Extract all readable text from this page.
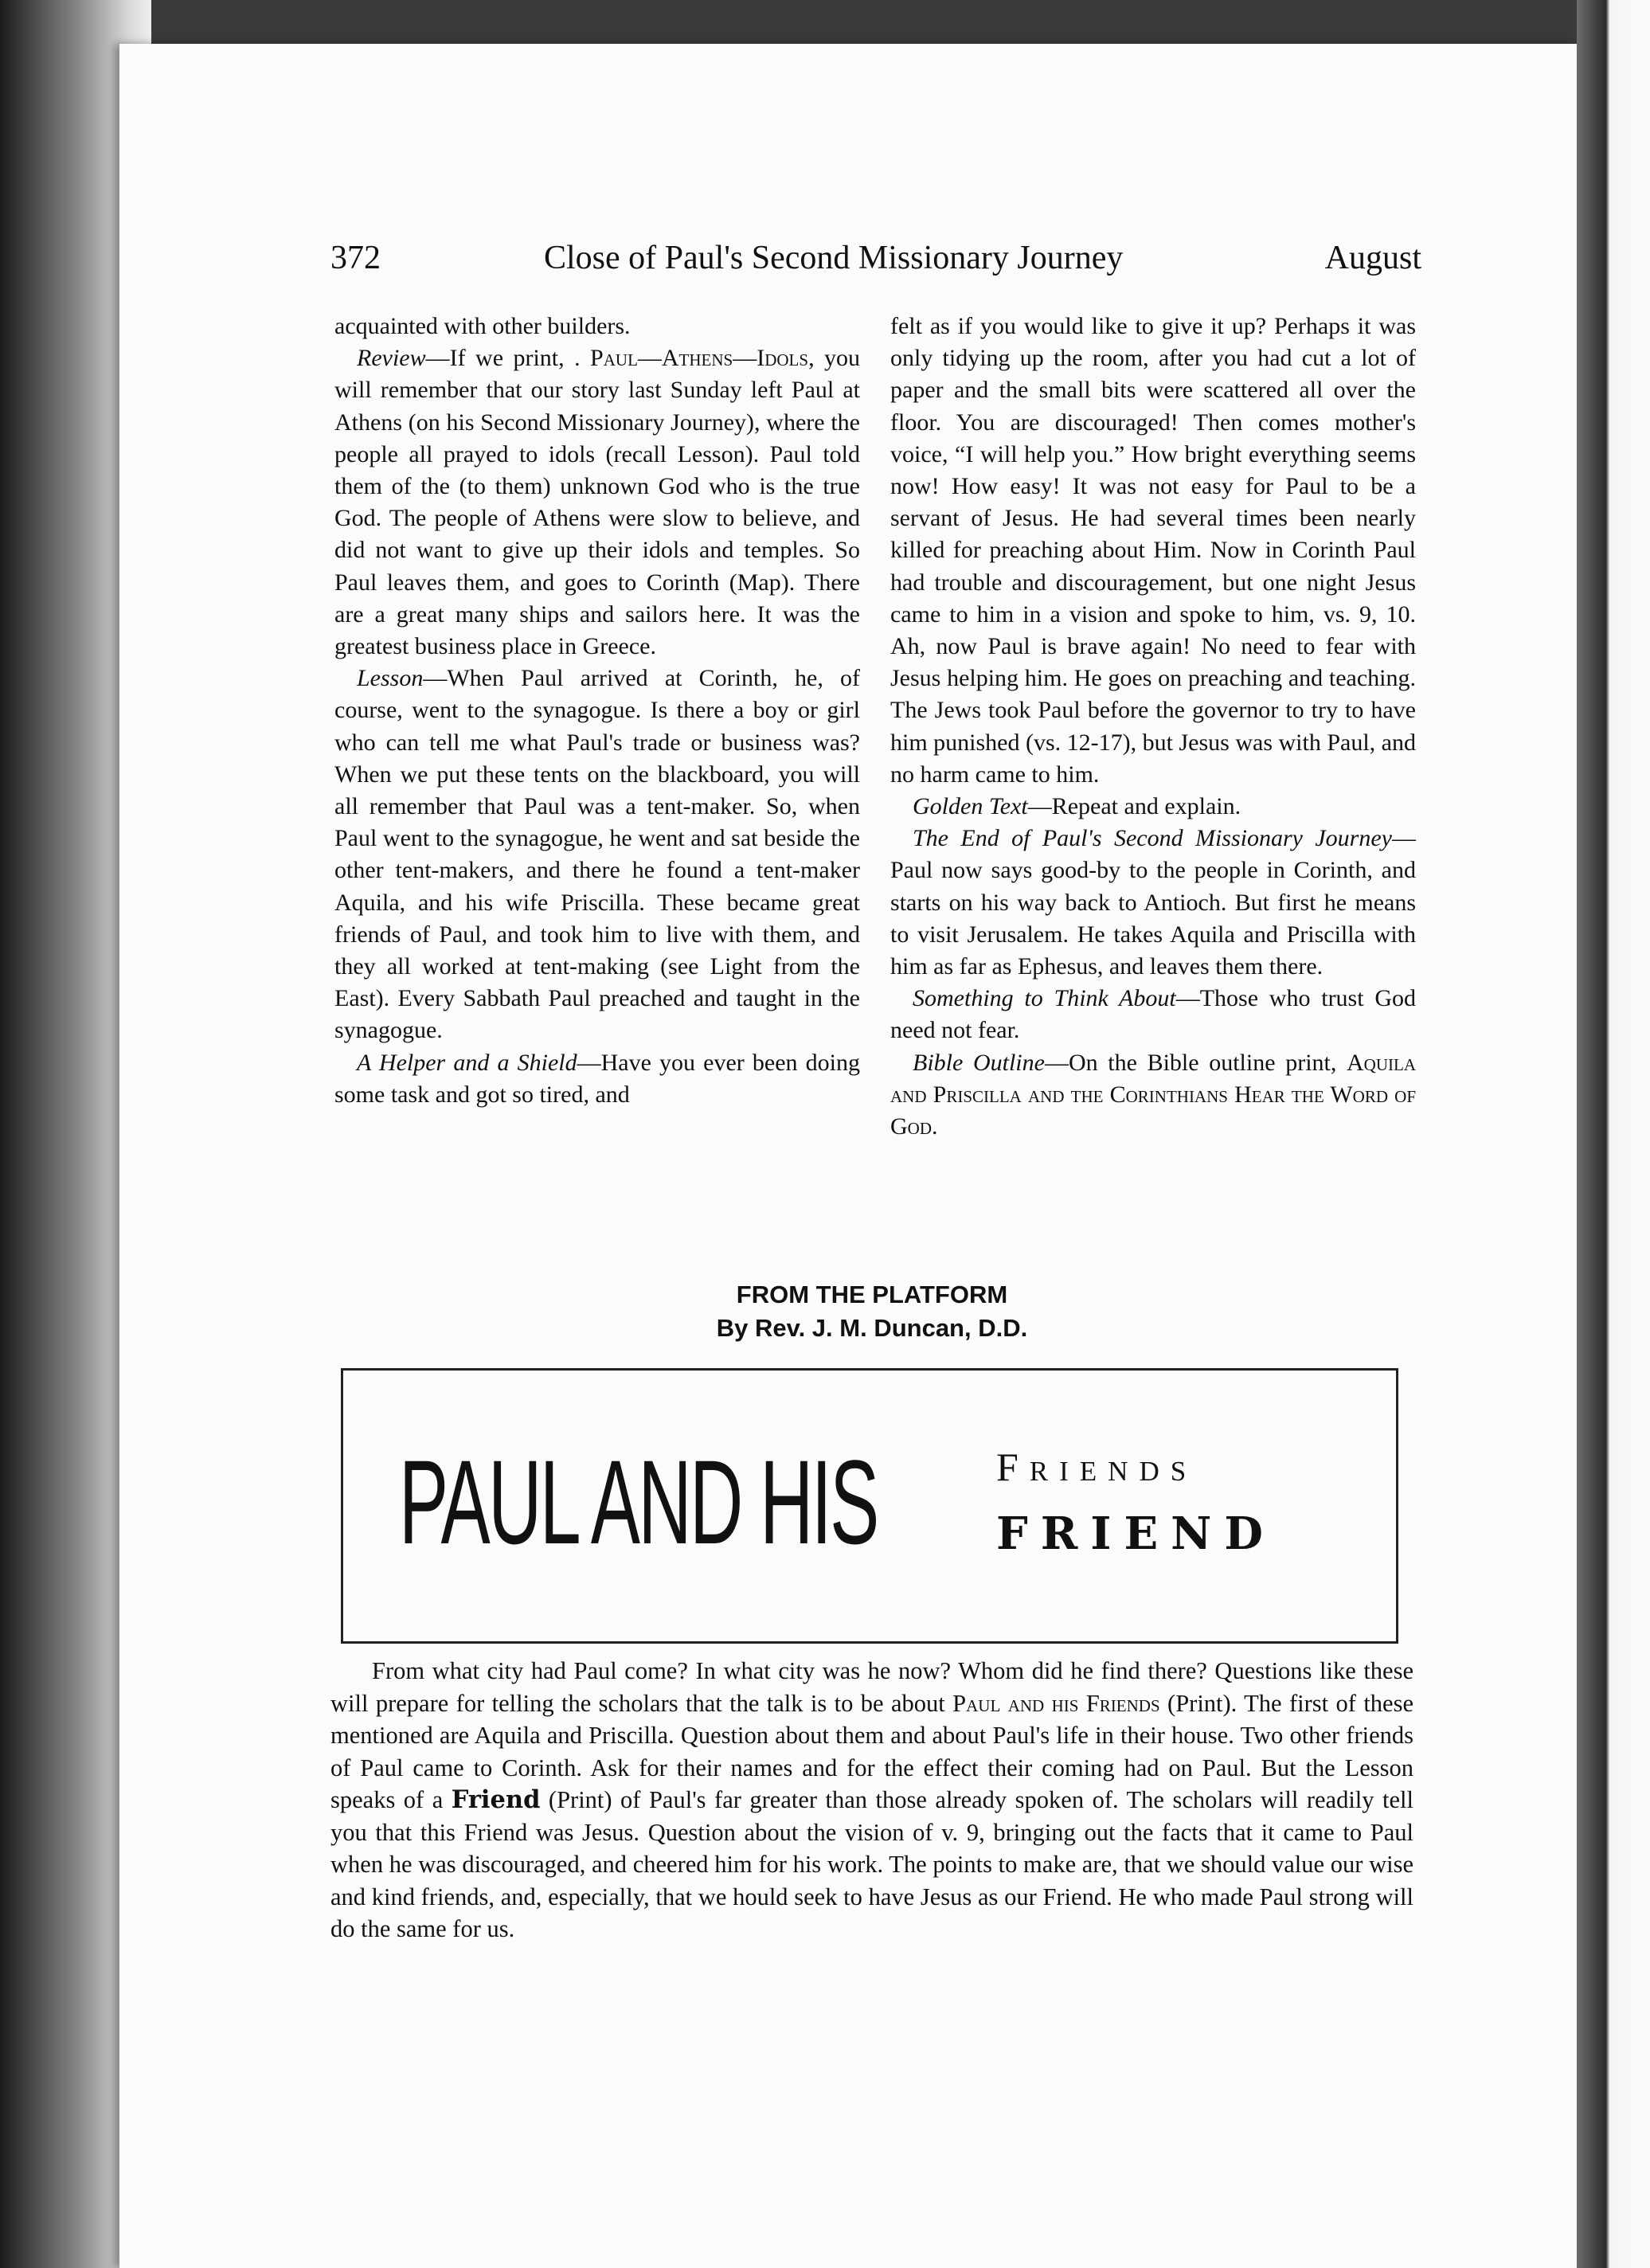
372	Close of Paul's Second Missionary Journey	August

acquainted with other builders.

Review—If we print, . Paul—Athens—Idols, you will remember that our story last Sunday left Paul at Athens (on his Second Missionary Journey), where the people all prayed to idols (recall Lesson). Paul told them of the (to them) unknown God who is the true God. The people of Athens were slow to believe, and did not want to give up their idols and temples. So Paul leaves them, and goes to Corinth (Map). There are a great many ships and sailors here. It was the greatest business place in Greece.

Lesson—When Paul arrived at Corinth, he, of course, went to the synagogue. Is there a boy or girl who can tell me what Paul's trade or business was? When we put these tents on the blackboard, you will all remember that Paul was a tent-maker. So, when Paul went to the synagogue, he went and sat beside the other tent-makers, and there he found a tent-maker Aquila, and his wife Priscilla. These became great friends of Paul, and took him to live with them, and they all worked at tent-making (see Light from the East). Every Sabbath Paul preached and taught in the synagogue.

A Helper and a Shield—Have you ever been doing some task and got so tired, and

felt as if you would like to give it up? Perhaps it was only tidying up the room, after you had cut a lot of paper and the small bits were scattered all over the floor. You are discouraged! Then comes mother's voice, “I will help you.” How bright everything seems now! How easy! It was not easy for Paul to be a servant of Jesus. He had several times been nearly killed for preaching about Him. Now in Corinth Paul had trouble and discouragement, but one night Jesus came to him in a vision and spoke to him, vs. 9, 10. Ah, now Paul is brave again! No need to fear with Jesus helping him. He goes on preaching and teaching. The Jews took Paul before the governor to try to have him punished (vs. 12-17), but Jesus was with Paul, and no harm came to him.

Golden Text—Repeat and explain.

The End of Paul's Second Missionary Journey—Paul now says good-by to the people in Corinth, and starts on his way back to Antioch. But first he means to visit Jerusalem. He takes Aquila and Priscilla with him as far as Ephesus, and leaves them there.

Something to Think About—Those who trust God need not fear.

Bible Outline—On the Bible outline print, Aquila and Priscilla and the Corinthians Hear the Word of God.

FROM THE PLATFORM
By Rev. J. M. Duncan, D.D.
PAUL AND HIS	Friends
FRIEND

From what city had Paul come? In what city was he now? Whom did he find there? Questions like these will prepare for telling the scholars that the talk is to be about Paul and his Friends (Print). The first of these mentioned are Aquila and Priscilla. Question about them and about Paul's life in their house. Two other friends of Paul came to Corinth. Ask for their names and for the effect their coming had on Paul. But the Lesson speaks of a Friend (Print) of Paul's far greater than those already spoken of. The scholars will readily tell you that this Friend was Jesus. Question about the vision of v. 9, bringing out the facts that it came to Paul when he was discouraged, and cheered him for his work. The points to make are, that we should value our wise and kind friends, and, especially, that we hould seek to have Jesus as our Friend. He who made Paul strong will do the same for us.
